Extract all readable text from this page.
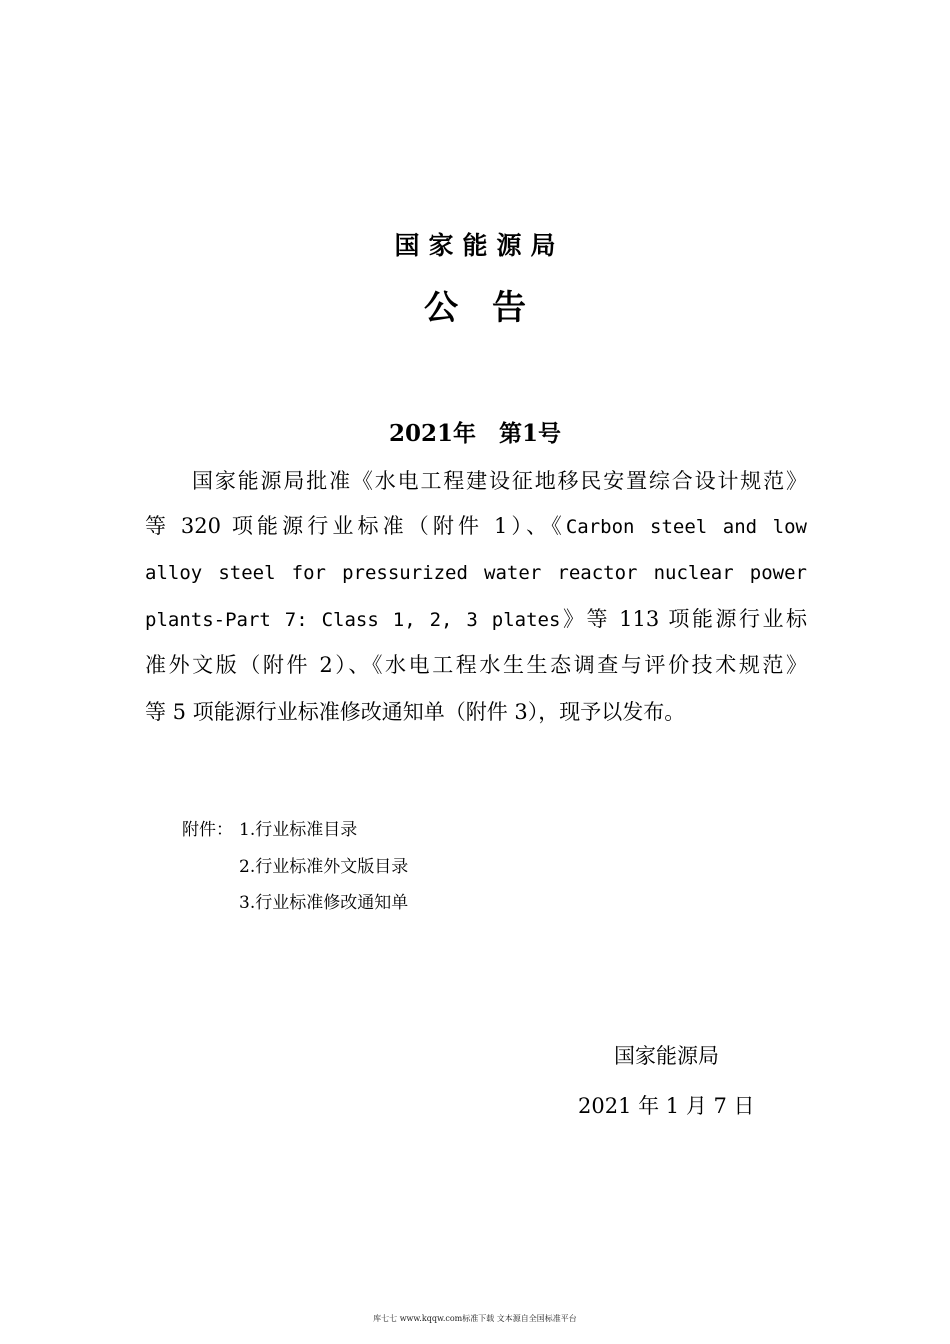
国家能源局
公告
2021年　第1号
国家能源局批准《水电工程建设征地移民安置综合设计规范》
等 320 项能源行业标准（附件 1）、《Carbon steel and low
alloy steel for pressurized water reactor nuclear power
plants-Part 7: Class 1, 2, 3 plates》等 113 项能源行业标
准外文版（附件 2）、《水电工程水生生态调查与评价技术规范》
等 5 项能源行业标准修改通知单（附件 3），现予以发布。
附件： 1.行业标准目录
2.行业标准外文版目录
3.行业标准修改通知单
国家能源局
2021 年 1 月 7 日
库七七 www.kqqw.com标准下载 文本源自全国标准平台
